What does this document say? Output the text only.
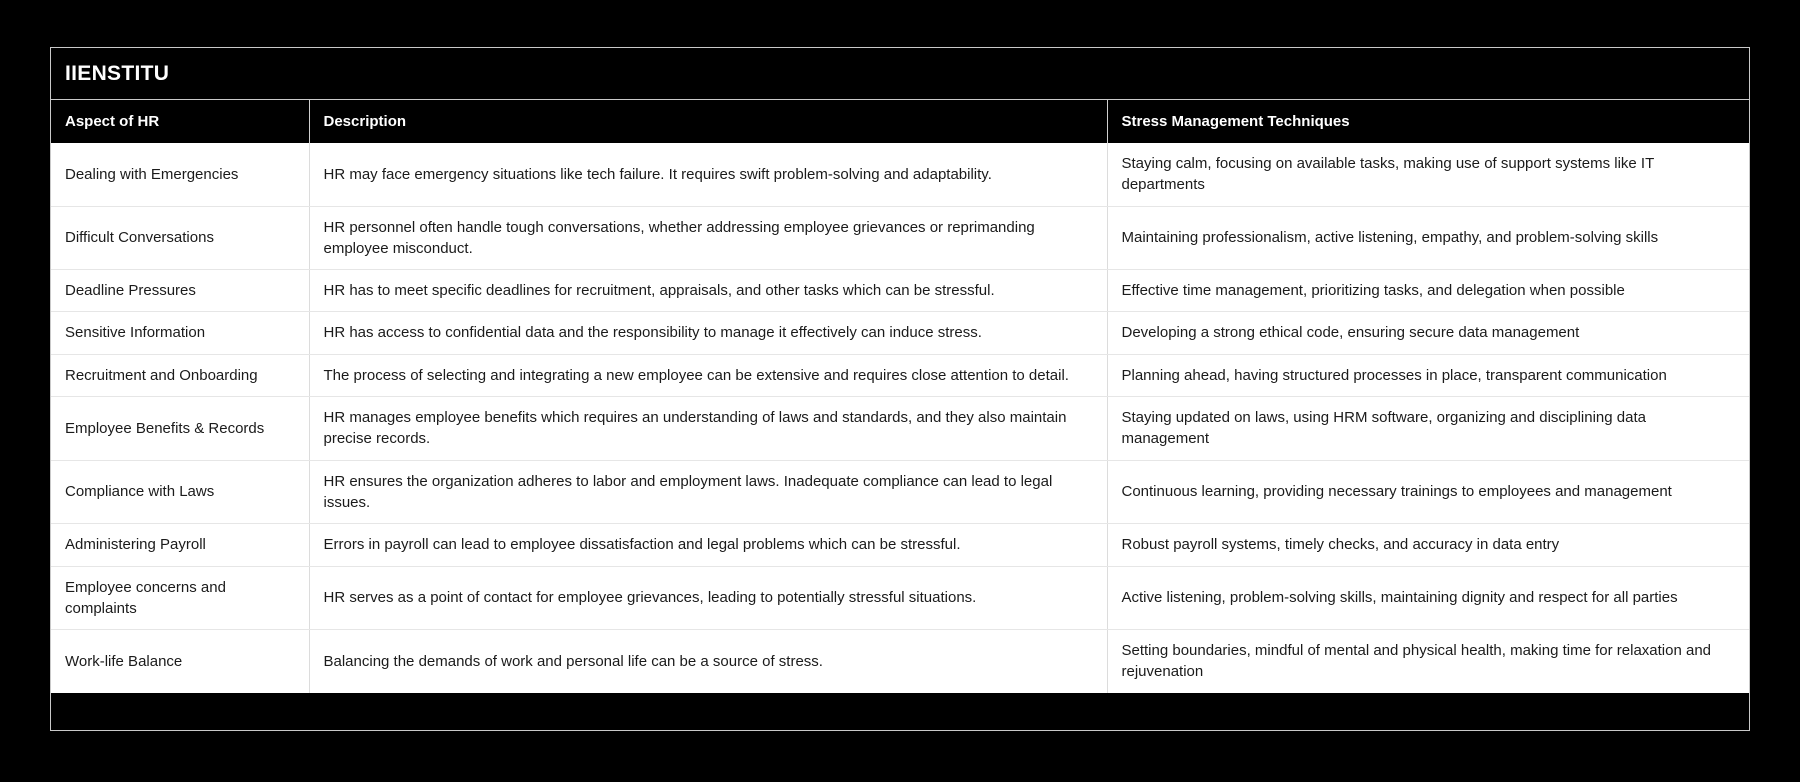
IIENSTITU
Aspect of HR	Description	Stress Management Techniques
Dealing with Emergencies	HR may face emergency situations like tech failure. It requires swift problem-solving and adaptability.	Staying calm, focusing on available tasks, making use of support systems like IT departments
Difficult Conversations	HR personnel often handle tough conversations, whether addressing employee grievances or reprimanding employee misconduct.	Maintaining professionalism, active listening, empathy, and problem-solving skills
Deadline Pressures	HR has to meet specific deadlines for recruitment, appraisals, and other tasks which can be stressful.	Effective time management, prioritizing tasks, and delegation when possible
Sensitive Information	HR has access to confidential data and the responsibility to manage it effectively can induce stress.	Developing a strong ethical code, ensuring secure data management
Recruitment and Onboarding	The process of selecting and integrating a new employee can be extensive and requires close attention to detail.	Planning ahead, having structured processes in place, transparent communication
Employee Benefits & Records	HR manages employee benefits which requires an understanding of laws and standards, and they also maintain precise records.	Staying updated on laws, using HRM software, organizing and disciplining data management
Compliance with Laws	HR ensures the organization adheres to labor and employment laws. Inadequate compliance can lead to legal issues.	Continuous learning, providing necessary trainings to employees and management
Administering Payroll	Errors in payroll can lead to employee dissatisfaction and legal problems which can be stressful.	Robust payroll systems, timely checks, and accuracy in data entry
Employee concerns and complaints	HR serves as a point of contact for employee grievances, leading to potentially stressful situations.	Active listening, problem-solving skills, maintaining dignity and respect for all parties
Work-life Balance	Balancing the demands of work and personal life can be a source of stress.	Setting boundaries, mindful of mental and physical health, making time for relaxation and rejuvenation
